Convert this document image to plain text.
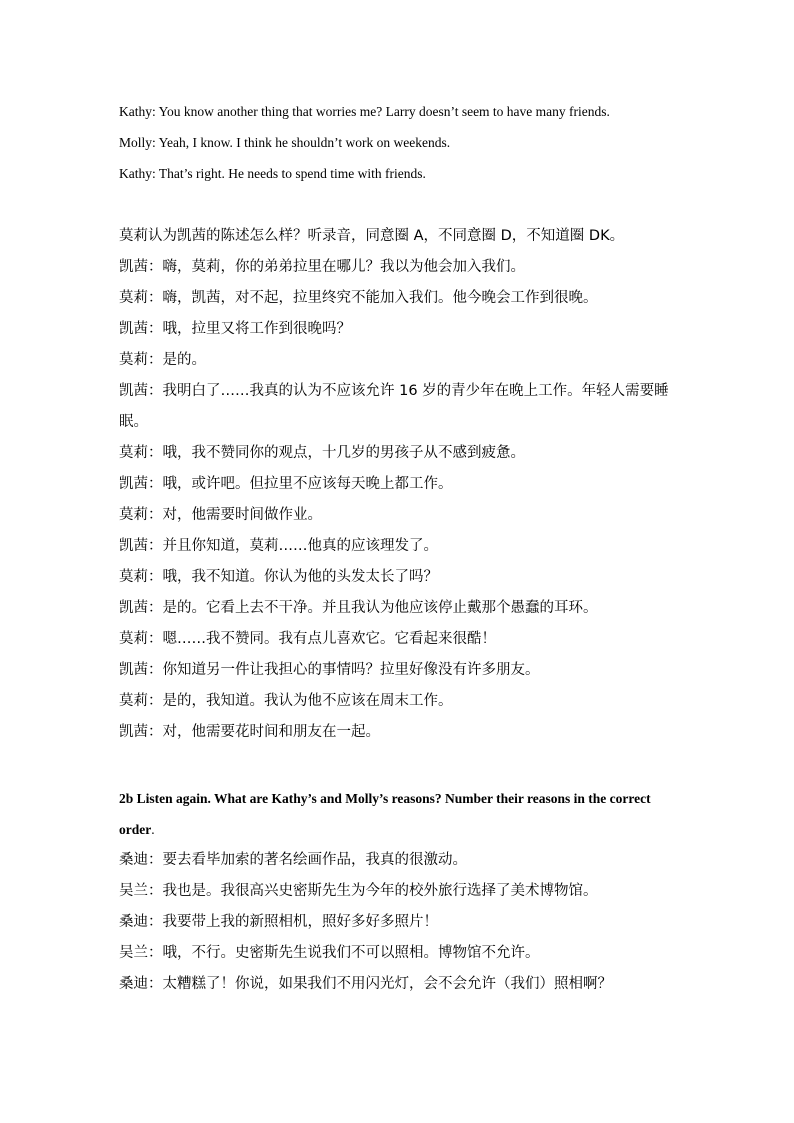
Kathy: You know another thing that worries me? Larry doesn’t seem to have many friends.

Molly: Yeah, I know. I think he shouldn’t work on weekends.

Kathy: That’s right. He needs to spend time with friends.

莫莉认为凯茜的陈述怎么样？听录音，同意圈 A，不同意圈 D，不知道圈 DK。

凯茜：嗨，莫莉，你的弟弟拉里在哪儿？我以为他会加入我们。

莫莉：嗨，凯茜，对不起，拉里终究不能加入我们。他今晚会工作到很晚。

凯茜：哦，拉里又将工作到很晚吗？

莫莉：是的。

凯茜：我明白了……我真的认为不应该允许 16 岁的青少年在晚上工作。年轻人需要睡眠。

莫莉：哦，我不赞同你的观点，十几岁的男孩子从不感到疲惫。

凯茜：哦，或许吧。但拉里不应该每天晚上都工作。

莫莉：对，他需要时间做作业。

凯茜：并且你知道，莫莉……他真的应该理发了。

莫莉：哦，我不知道。你认为他的头发太长了吗？

凯茜：是的。它看上去不干净。并且我认为他应该停止戴那个愚蠢的耳环。

莫莉：嗯……我不赞同。我有点儿喜欢它。它看起来很酷！

凯茜：你知道另一件让我担心的事情吗？拉里好像没有许多朋友。

莫莉：是的，我知道。我认为他不应该在周末工作。

凯茜：对，他需要花时间和朋友在一起。

2b Listen again. What are Kathy’s and Molly’s reasons? Number their reasons in the correct order.

桑迪：要去看毕加索的著名绘画作品，我真的很激动。

吴兰：我也是。我很高兴史密斯先生为今年的校外旅行选择了美术博物馆。

桑迪：我要带上我的新照相机，照好多好多照片！

吴兰：哦，不行。史密斯先生说我们不可以照相。博物馆不允许。

桑迪：太糟糕了！你说，如果我们不用闪光灯，会不会允许（我们）照相啊？
